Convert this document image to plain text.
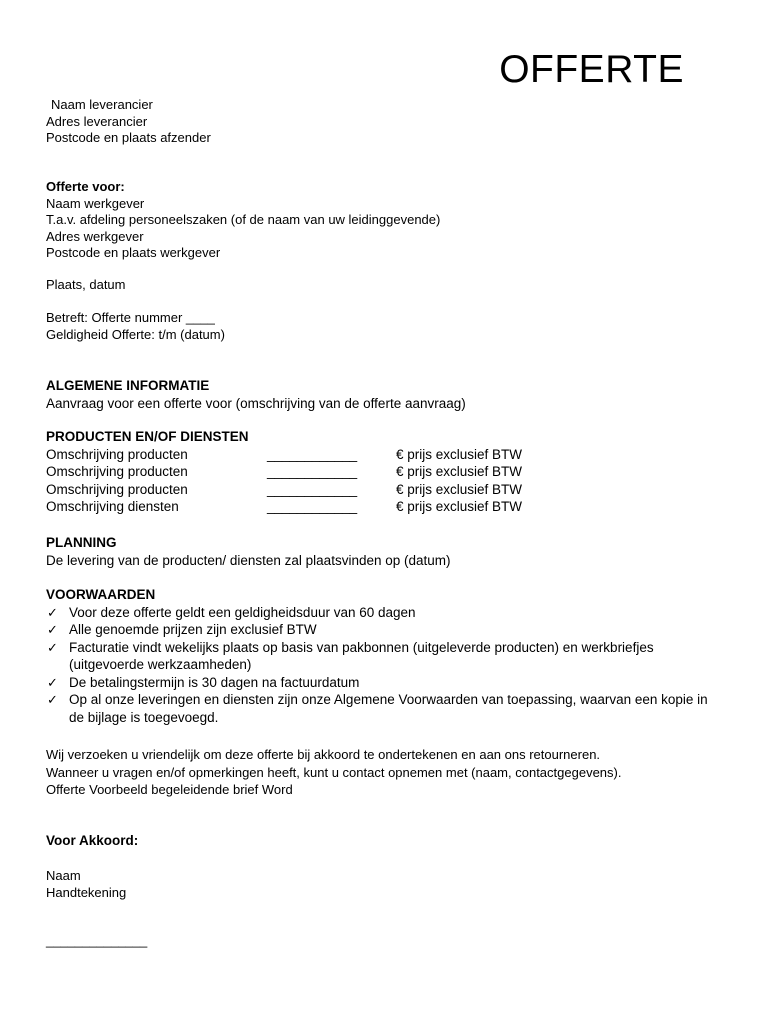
OFFERTE
Naam leverancier
Adres leverancier
Postcode en plaats afzender
Offerte voor:
Naam werkgever
T.a.v. afdeling personeelszaken (of de naam van uw leidinggevende)
Adres werkgever
Postcode en plaats werkgever
Plaats, datum
Betreft: Offerte nummer ____
Geldigheid Offerte: t/m (datum)
ALGEMENE INFORMATIE
Aanvraag voor een offerte voor (omschrijving van de offerte aanvraag)
PRODUCTEN EN/OF DIENSTEN
Omschrijving producten	____________	€ prijs exclusief BTW
Omschrijving producten	____________	€ prijs exclusief BTW
Omschrijving producten	____________	€ prijs exclusief BTW
Omschrijving diensten	____________	€ prijs exclusief BTW
PLANNING
De levering van de producten/ diensten zal plaatsvinden op (datum)
VOORWAARDEN
✓ Voor deze offerte geldt een geldigheidsduur van 60 dagen
✓ Alle genoemde prijzen zijn exclusief BTW
✓ Facturatie vindt wekelijks plaats op basis van pakbonnen (uitgeleverde producten) en werkbriefjes (uitgevoerde werkzaamheden)
✓ De betalingstermijn is 30 dagen na factuurdatum
✓ Op al onze leveringen en diensten zijn onze Algemene Voorwaarden van toepassing, waarvan een kopie in de bijlage is toegevoegd.
Wij verzoeken u vriendelijk om deze offerte bij akkoord te ondertekenen en aan ons retourneren.
Wanneer u vragen en/of opmerkingen heeft, kunt u contact opnemen met (naam, contactgegevens).
Offerte Voorbeeld begeleidende brief Word
Voor Akkoord:
Naam
Handtekening
______________
